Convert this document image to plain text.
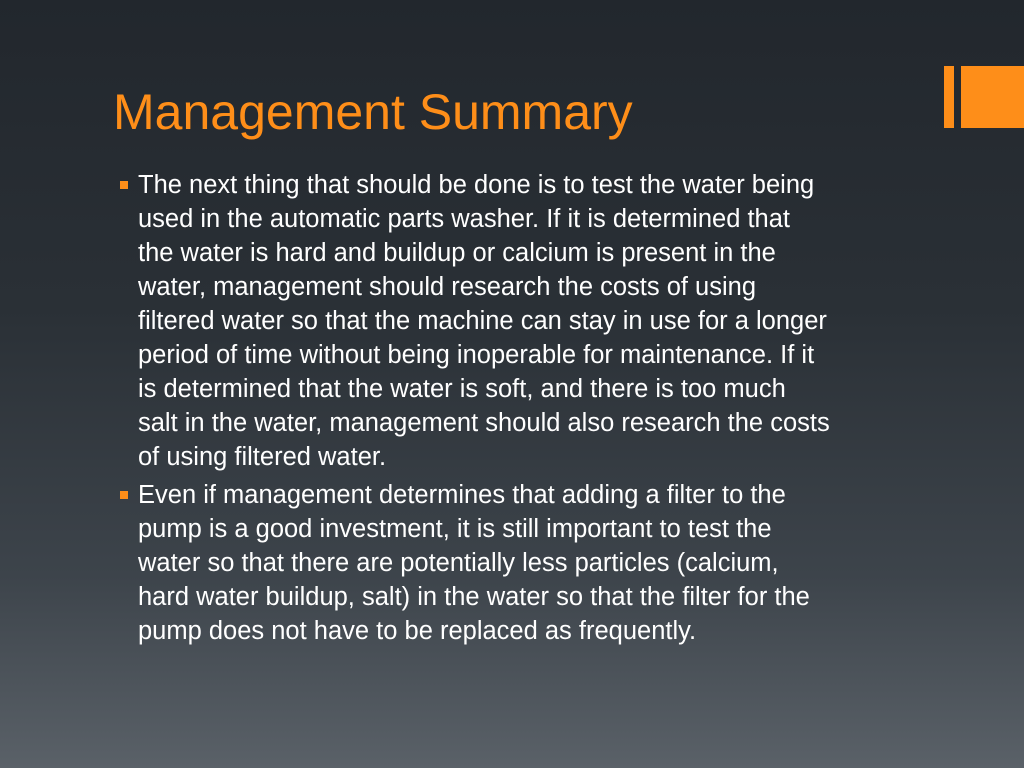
Management Summary
The next thing that should be done is to test the water being
used in the automatic parts washer. If it is determined that
the water is hard and buildup or calcium is present in the
water, management should research the costs of using
filtered water so that the machine can stay in use for a longer
period of time without being inoperable for maintenance. If it
is determined that the water is soft, and there is too much
salt in the water, management should also research the costs
of using filtered water.
Even if management determines that adding a filter to the
pump is a good investment, it is still important to test the
water so that there are potentially less particles (calcium,
hard water buildup, salt) in the water so that the filter for the
pump does not have to be replaced as frequently.
